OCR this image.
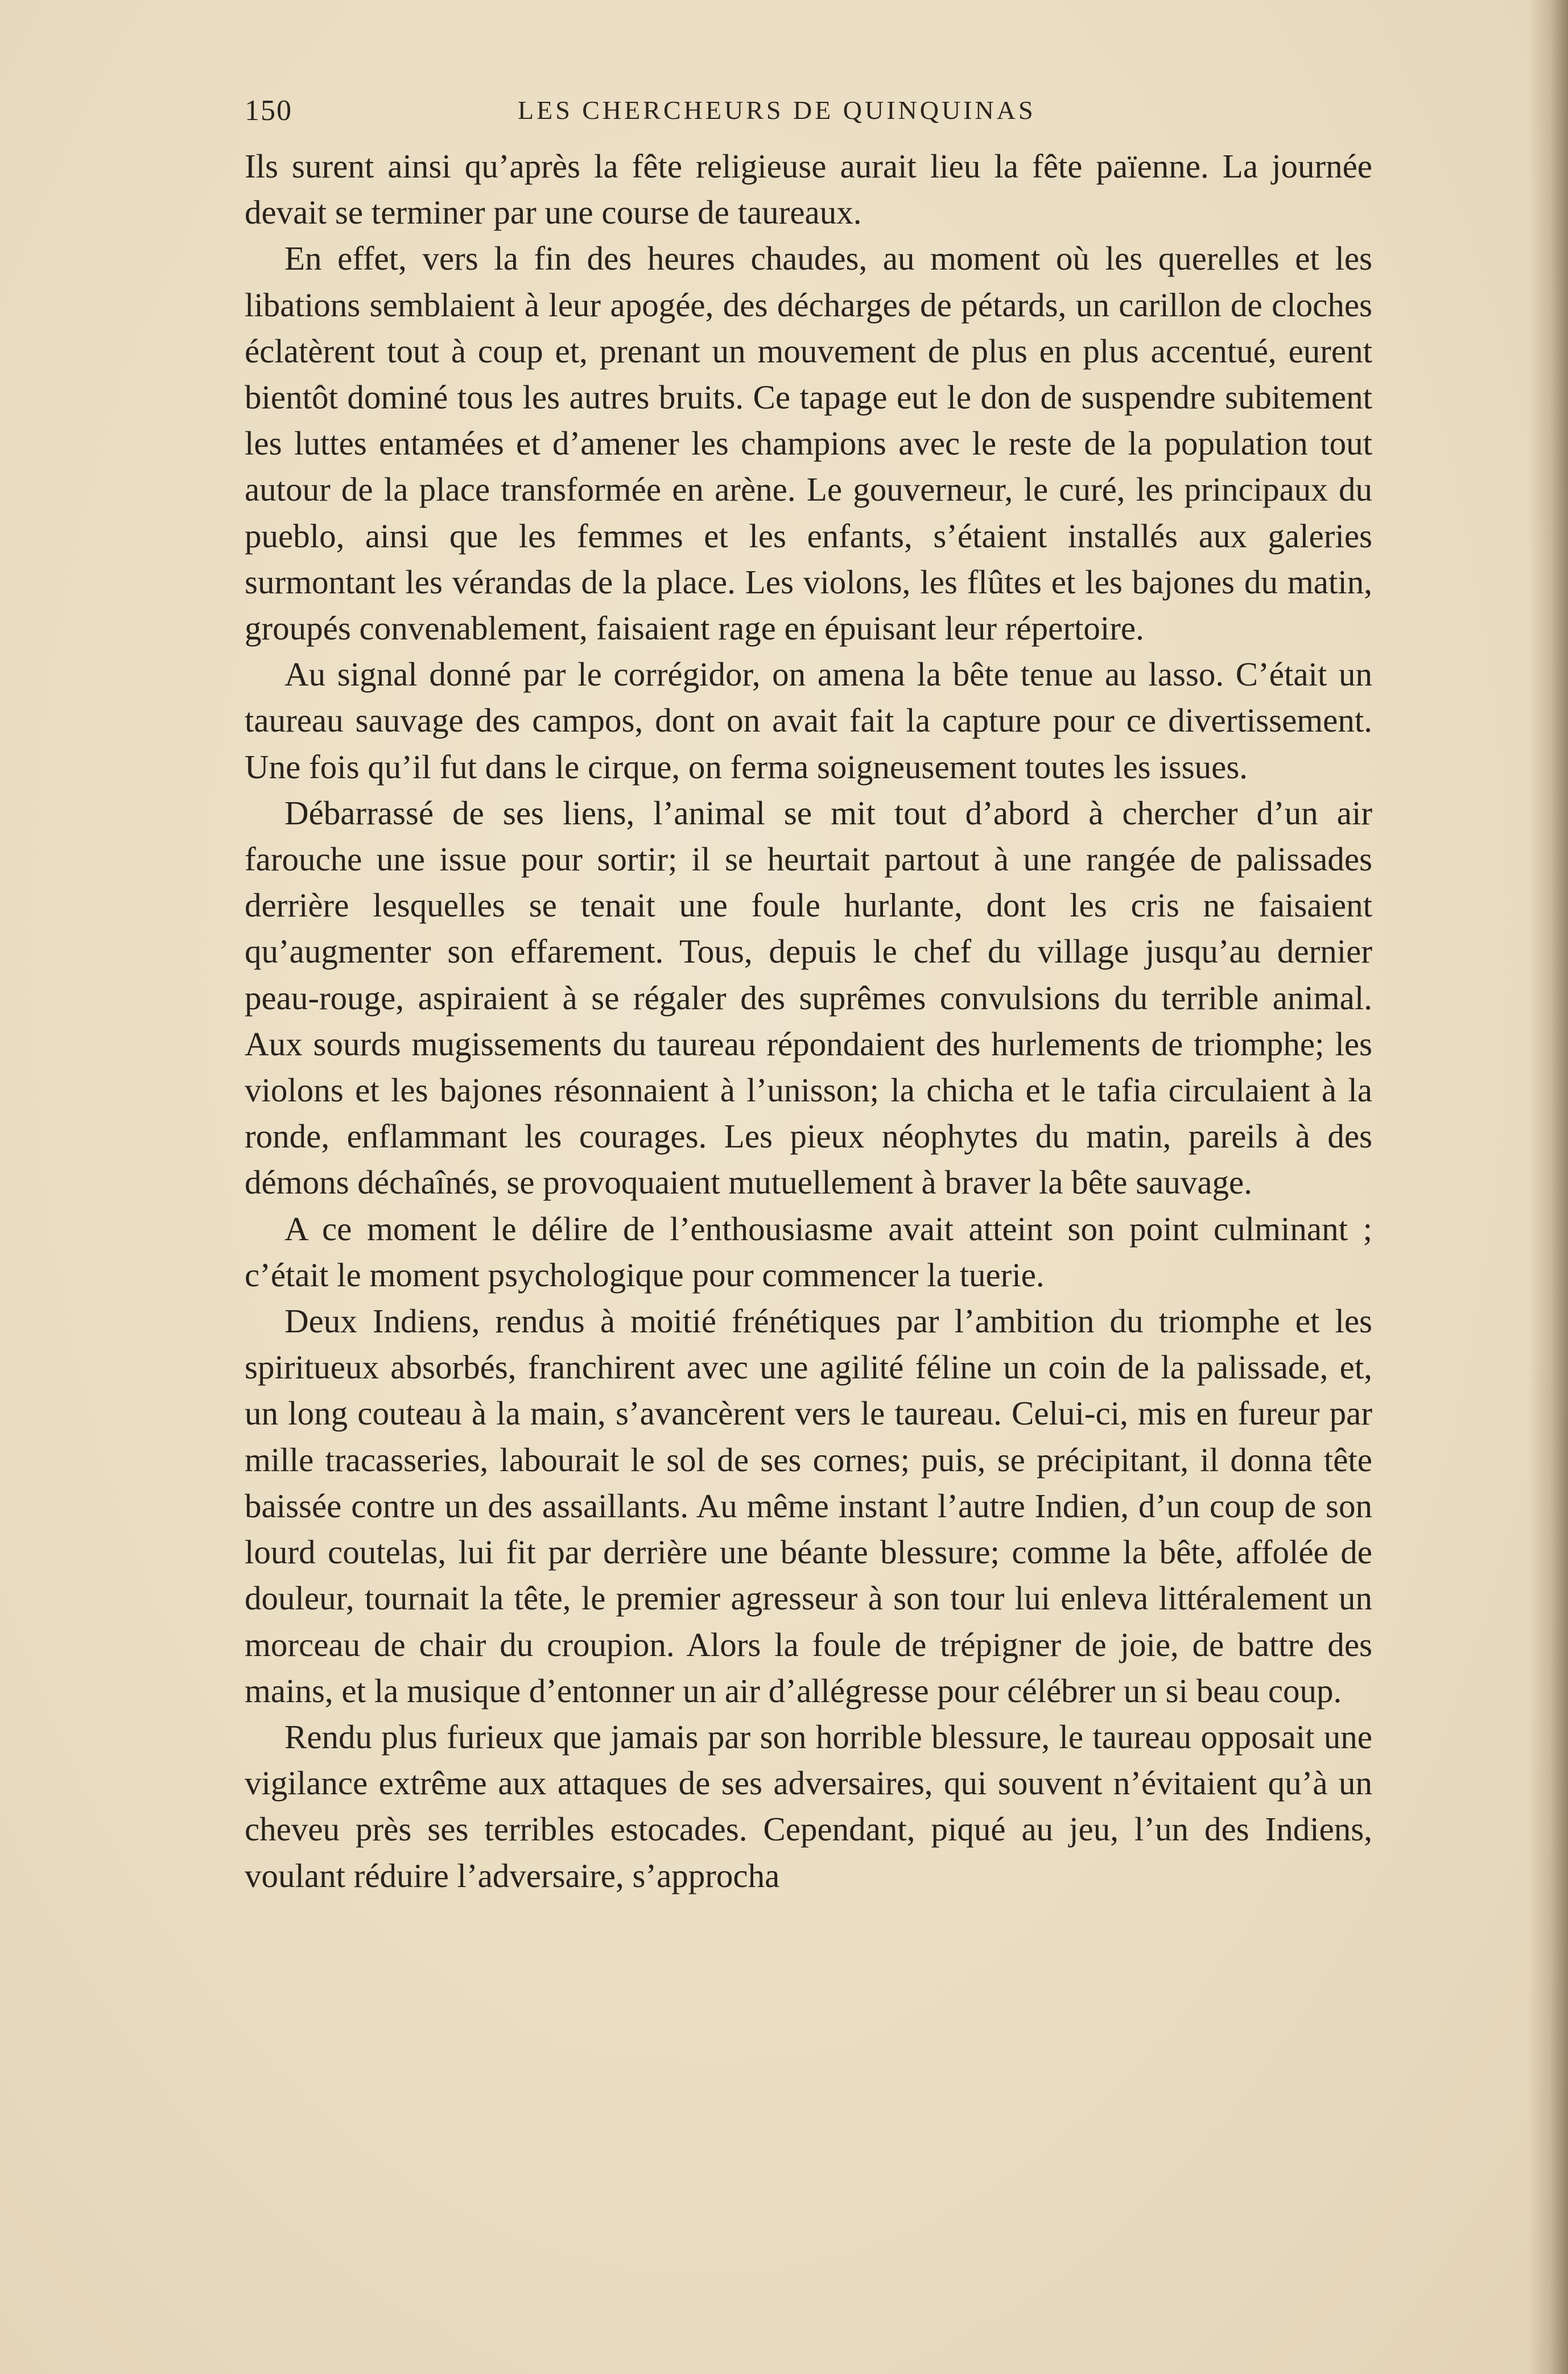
150	LES CHERCHEURS DE QUINQUINAS

Ils surent ainsi qu’après la fête religieuse aurait lieu la fête païenne. La journée devait se terminer par une course de taureaux.

En effet, vers la fin des heures chaudes, au moment où les querelles et les libations semblaient à leur apogée, des décharges de pétards, un carillon de cloches éclatèrent tout à coup et, prenant un mouvement de plus en plus accentué, eurent bientôt dominé tous les autres bruits. Ce tapage eut le don de suspendre subitement les luttes entamées et d’amener les champions avec le reste de la population tout autour de la place transformée en arène. Le gouverneur, le curé, les principaux du pueblo, ainsi que les femmes et les enfants, s’étaient installés aux galeries surmontant les vérandas de la place. Les violons, les flûtes et les bajones du matin, groupés convenablement, faisaient rage en épuisant leur répertoire.

Au signal donné par le corrégidor, on amena la bête tenue au lasso. C’était un taureau sauvage des campos, dont on avait fait la capture pour ce divertissement. Une fois qu’il fut dans le cirque, on ferma soigneusement toutes les issues.

Débarrassé de ses liens, l’animal se mit tout d’abord à chercher d’un air farouche une issue pour sortir; il se heurtait partout à une rangée de palissades derrière lesquelles se tenait une foule hurlante, dont les cris ne faisaient qu’augmenter son effarement. Tous, depuis le chef du village jusqu’au dernier peau-rouge, aspiraient à se régaler des suprêmes convulsions du terrible animal. Aux sourds mugissements du taureau répondaient des hurlements de triomphe; les violons et les bajones résonnaient à l’unisson; la chicha et le tafia circulaient à la ronde, enflammant les courages. Les pieux néophytes du matin, pareils à des démons déchaînés, se provoquaient mutuellement à braver la bête sauvage.

A ce moment le délire de l’enthousiasme avait atteint son point culminant ; c’était le moment psychologique pour commencer la tuerie.

Deux Indiens, rendus à moitié frénétiques par l’ambition du triomphe et les spiritueux absorbés, franchirent avec une agilité féline un coin de la palissade, et, un long couteau à la main, s’avancèrent vers le taureau. Celui-ci, mis en fureur par mille tracasseries, labourait le sol de ses cornes; puis, se précipitant, il donna tête baissée contre un des assaillants. Au même instant l’autre Indien, d’un coup de son lourd coutelas, lui fit par derrière une béante blessure; comme la bête, affolée de douleur, tournait la tête, le premier agresseur à son tour lui enleva littéralement un morceau de chair du croupion. Alors la foule de trépigner de joie, de battre des mains, et la musique d’entonner un air d’allégresse pour célébrer un si beau coup.

Rendu plus furieux que jamais par son horrible blessure, le taureau opposait une vigilance extrême aux attaques de ses adversaires, qui souvent n’évitaient qu’à un cheveu près ses terribles estocades. Cependant, piqué au jeu, l’un des Indiens, voulant réduire l’adversaire, s’approcha
